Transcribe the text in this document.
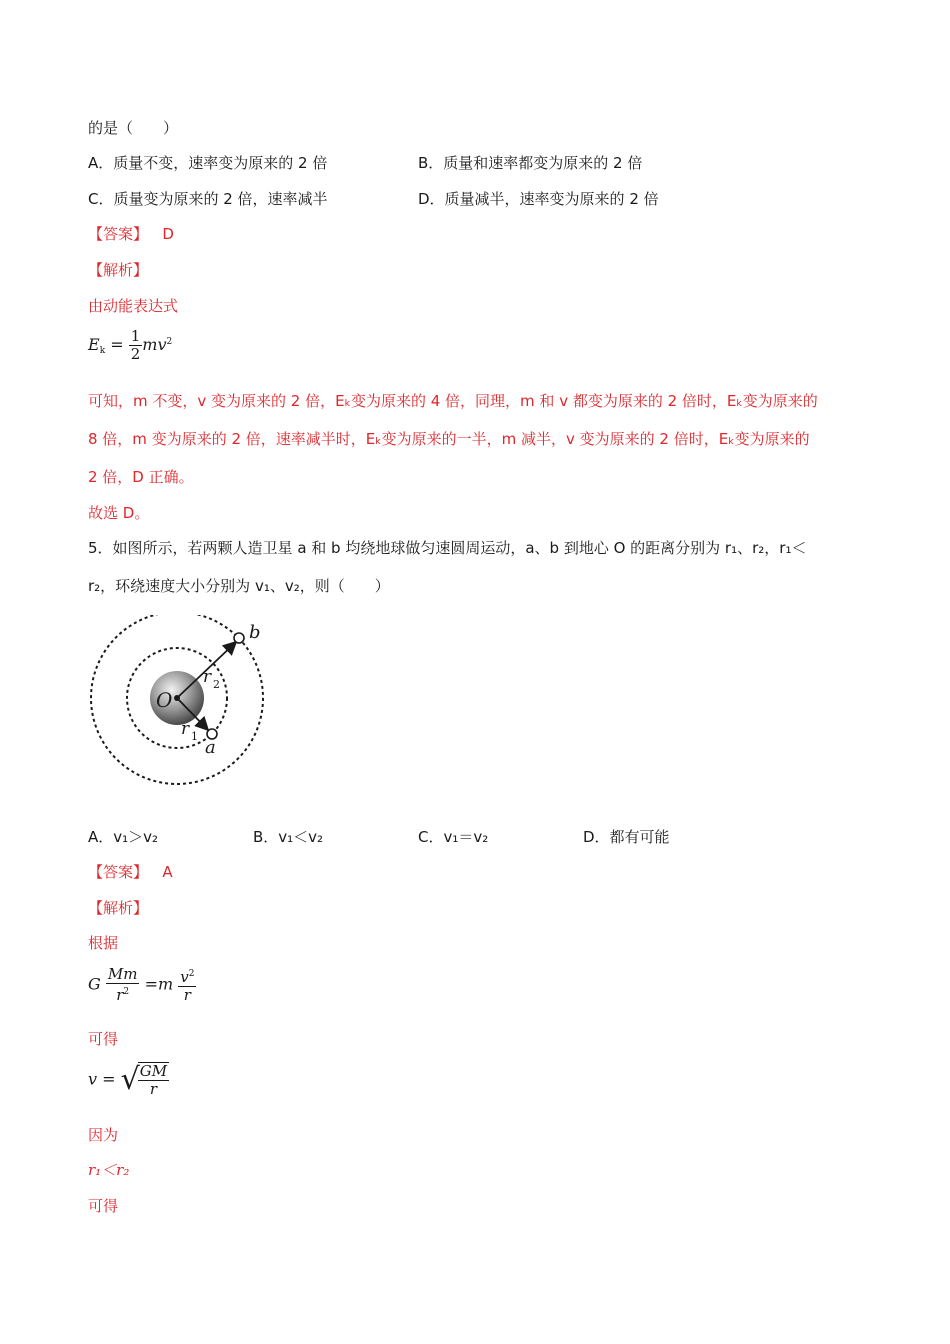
的是（　　）
A．质量不变，速率变为原来的 2 倍	B．质量和速率都变为原来的 2 倍
C．质量变为原来的 2 倍，速率减半	D．质量减半，速率变为原来的 2 倍
【答案】 D
【解析】
由动能表达式
$E_k = \frac{1}{2} mv^2$
可知，m 不变，v 变为原来的 2 倍，Eₖ变为原来的 4 倍，同理，m 和 v 都变为原来的 2 倍时，Eₖ变为原来的
8 倍，m 变为原来的 2 倍，速率减半时，Eₖ变为原来的一半，m 减半，v 变为原来的 2 倍时，Eₖ变为原来的
2 倍，D 正确。
故选 D。
5．如图所示，若两颗人造卫星 a 和 b 均绕地球做匀速圆周运动，a、b 到地心 O 的距离分别为 r₁、r₂，r₁＜
r₂，环绕速度大小分别为 v₁、v₂，则（　　）
O
b
a
r 2
r 1
A．v₁＞v₂	B．v₁＜v₂	C．v₁＝v₂	D．都有可能
【答案】 A
【解析】
根据
G $\frac{Mm}{r^2} =m \frac{v^2}{r}$
可得
v = √
$\frac{GM}{r}$
因为
r₁＜r₂
可得
